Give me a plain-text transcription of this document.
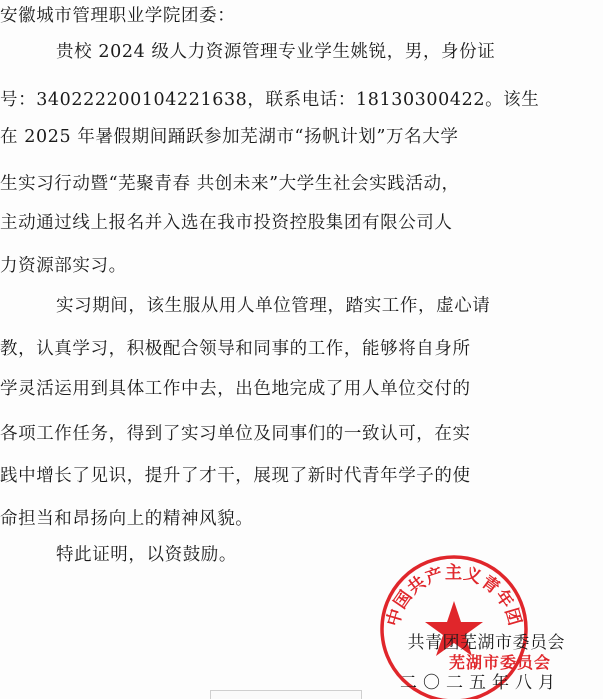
安徽城市管理职业学院团委：
贵校 2024 级人力资源管理专业学生姚锐，男，身份证
号：340222200104221638，联系电话：18130300422。该生
在 2025 年暑假期间踊跃参加芜湖市“扬帆计划”万名大学
生实习行动暨“芜聚青春 共创未来”大学生社会实践活动，
主动通过线上报名并入选在我市投资控股集团有限公司人
力资源部实习。
实习期间，该生服从用人单位管理，踏实工作，虚心请
教，认真学习，积极配合领导和同事的工作，能够将自身所
学灵活运用到具体工作中去，出色地完成了用人单位交付的
各项工作任务，得到了实习单位及同事们的一致认可，在实
践中增长了见识，提升了才干，展现了新时代青年学子的使
命担当和昂扬向上的精神风貌。
特此证明，以资鼓励。
中国共产主义青年团
共青团芜湖市委员会
芜湖市委员会
二〇二五年八月
